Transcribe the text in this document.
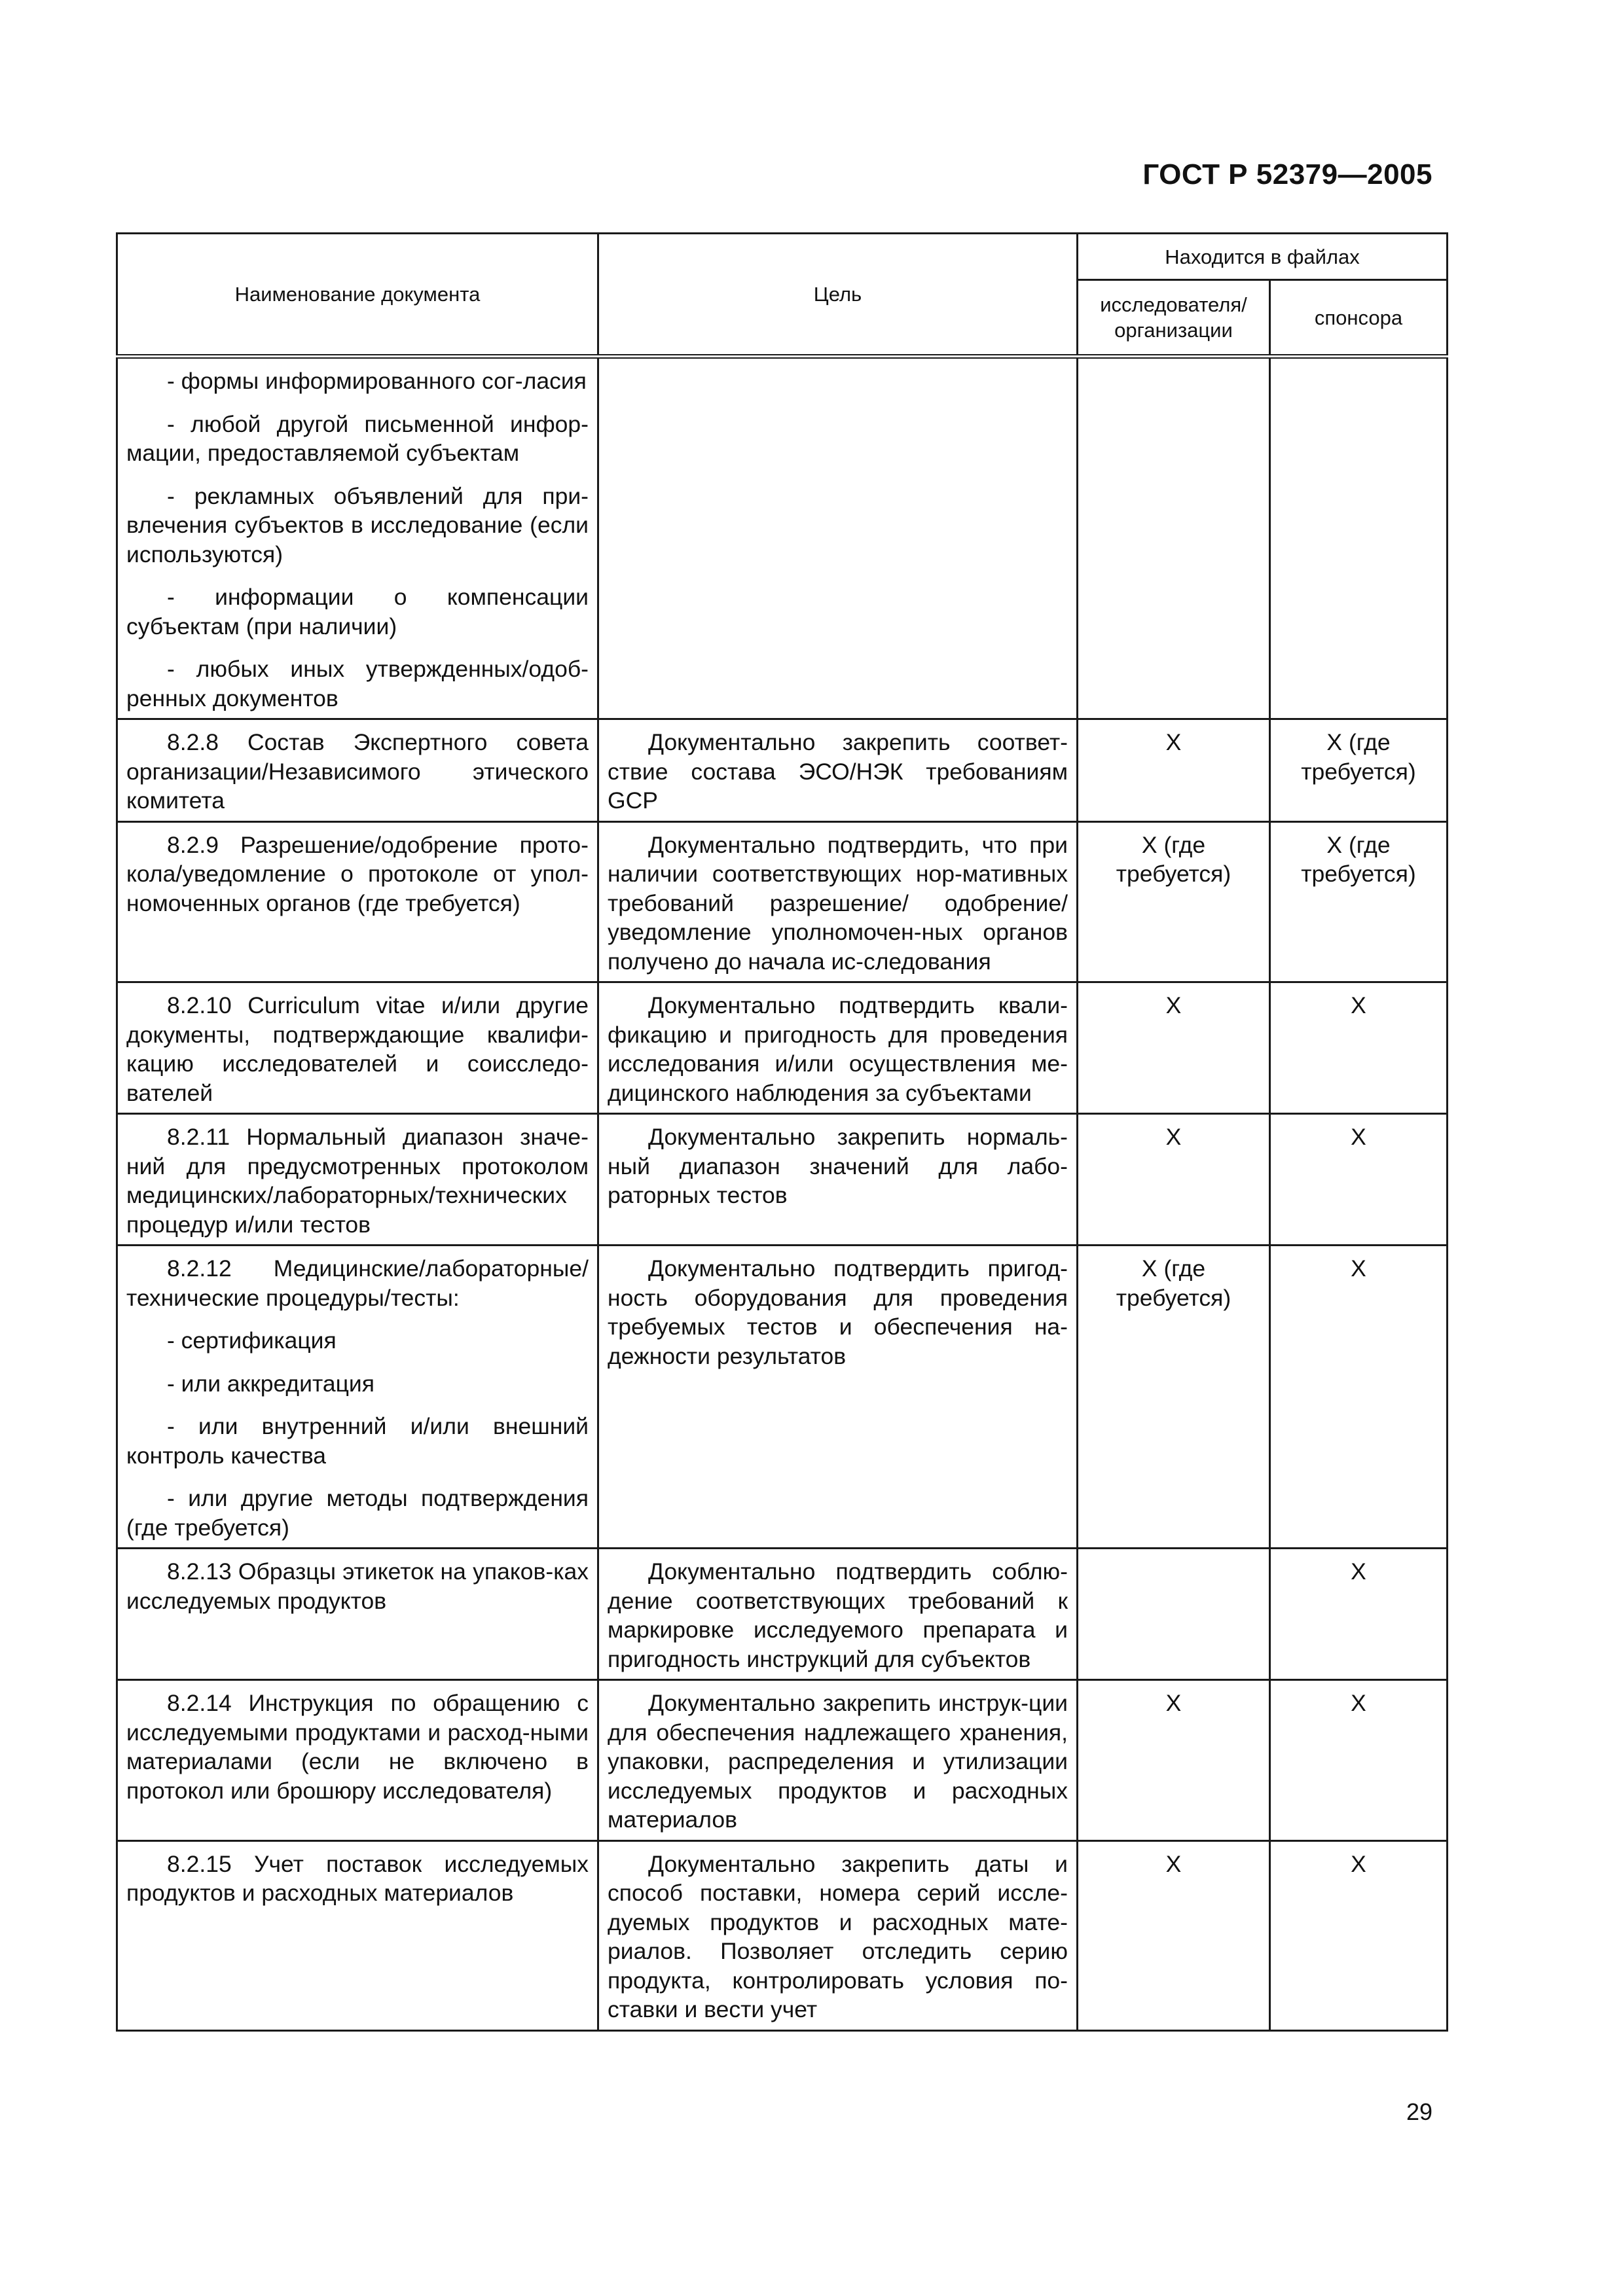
ГОСТ Р 52379—2005
Наименование документа	Цель	Находится в файлах	
		исследователя/ организации	спонсора

- формы информированного сог-ласия

- любой другой письменной инфор-мации, предоставляемой субъектам

- рекламных объявлений для при-влечения субъектов в исследование (если используются)

- информации о компенсации субъектам (при наличии)

- любых иных утвержденных/одоб-ренных документов			

8.2.8 Состав Экспертного совета организации/Независимого этического комитета	Документально закрепить соответ-ствие состава ЭСО/НЭК требованиям GCP	X	X (где требуется)

8.2.9 Разрешение/одобрение прото-кола/уведомление о протоколе от упол-номоченных органов (где требуется)	Документально подтвердить, что при наличии соответствующих нор-мативных требований разрешение/ одобрение/уведомление уполномочен-ных органов получено до начала ис-следования	X (где требуется)	X (где требуется)

8.2.10 Curriculum vitae и/или другие документы, подтверждающие квалифи-кацию исследователей и соисследо-вателей	Документально подтвердить квали-фикацию и пригодность для проведения исследования и/или осуществления ме-дицинского наблюдения за субъектами	X	X

8.2.11 Нормальный диапазон значе-ний для предусмотренных протоколом медицинских/лабораторных/технических процедур и/или тестов	Документально закрепить нормаль-ный диапазон значений для лабо-раторных тестов	X	X

8.2.12 Медицинские/лабораторные/ технические процедуры/тесты:

- сертификация

- или аккредитация

- или внутренний и/или внешний контроль качества

- или другие методы подтверждения (где требуется)	Документально подтвердить пригод-ность оборудования для проведения требуемых тестов и обеспечения на-дежности результатов	X (где требуется)	X

8.2.13 Образцы этикеток на упаков-ках исследуемых продуктов	Документально подтвердить соблю-дение соответствующих требований к маркировке исследуемого препарата и пригодность инструкций для субъектов		X

8.2.14 Инструкция по обращению с исследуемыми продуктами и расход-ными материалами (если не включено в протокол или брошюру исследователя)	Документально закрепить инструк-ции для обеспечения надлежащего хранения, упаковки, распределения и утилизации исследуемых продуктов и расходных материалов	X	X

8.2.15 Учет поставок исследуемых продуктов и расходных материалов	Документально закрепить даты и способ поставки, номера серий иссле-дуемых продуктов и расходных мате-риалов. Позволяет отследить серию продукта, контролировать условия по-ставки и вести учет	X	X
29
